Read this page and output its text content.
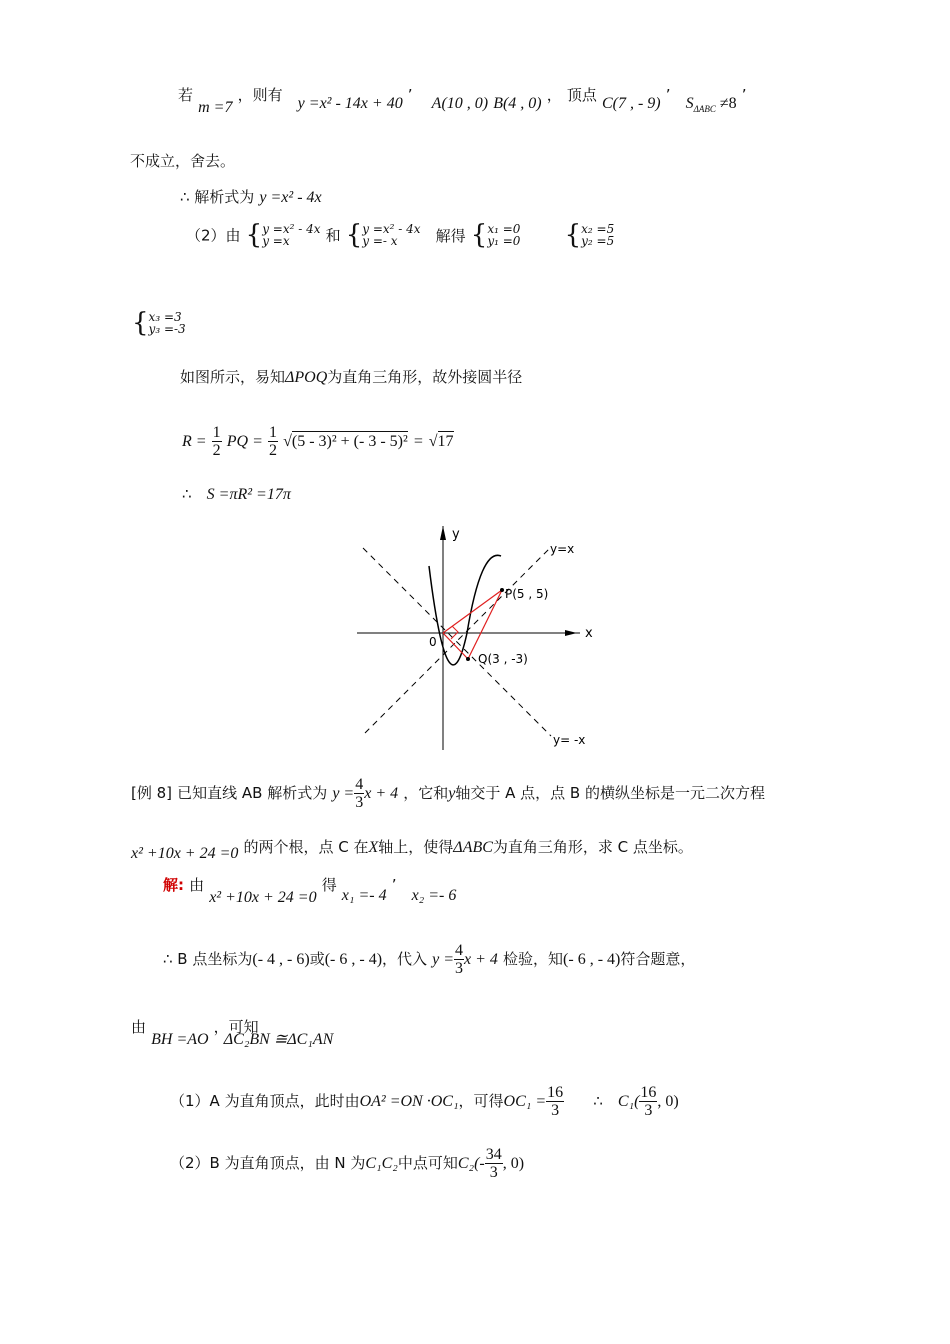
若 m =7 ，则有 y =x² - 14x + 40 ’ A(10 , 0) B(4 , 0) ， 顶点 C(7 , - 9) ’ $S_{\Delta ABC} \ne 8$ ’
不成立，舍去。
∴ 解析式为 y =x² - 4x
（2）由 { y =x² - 4x
y =x	和 { y =x² - 4x
y =- x	解得 { x₁ =0
y₁ =0 { x₂ =5
y₂ =5
{ x₃ =3
y₃ =-3
如图所示，易知ΔPOQ为直角三角形，故外接圆半径
$R = \frac{1}{2}$ PQ = $\frac{1}{2} √(5 - 3)^2$ + (- 3 - 5)² = √17
∴ S =πR² =17π
y
x
0
y=x
y= -x
P(5 , 5)
Q(3 , -3)
[例 8] 已知直线 AB 解析式为 $y = \frac{4}{3}$ x + 4 ，它和y轴交于 A 点，点 B 的横纵坐标是一元二次方程
x² +10x + 24 =0 的两个根，点 C 在X轴上，使得ΔABC为直角三角形，求 C 点坐标。
解: 由 x² +10x + 24 =0 得 x₁ =- 4 ’ x₂ =- 6
∴ B 点坐标为(- 4 , - 6)或(- 6 , - 4)，代入 $y = \frac{4}{3}$ x + 4 检验，知(- 6 , - 4)符合题意，
由 BH =AO ，可知 ΔC₂BN ≅ΔC₁AN
（1）A 为直角顶点，此时由OA² =ON ·OC₁，可得$OC_1 = \frac{16}{3}$ ∴ $C_1( \frac{16}{3}$ , 0)
（2）B 为直角顶点，由 N 为C₁C₂中点可知$C_2(- \frac{34}{3}$ , 0)
